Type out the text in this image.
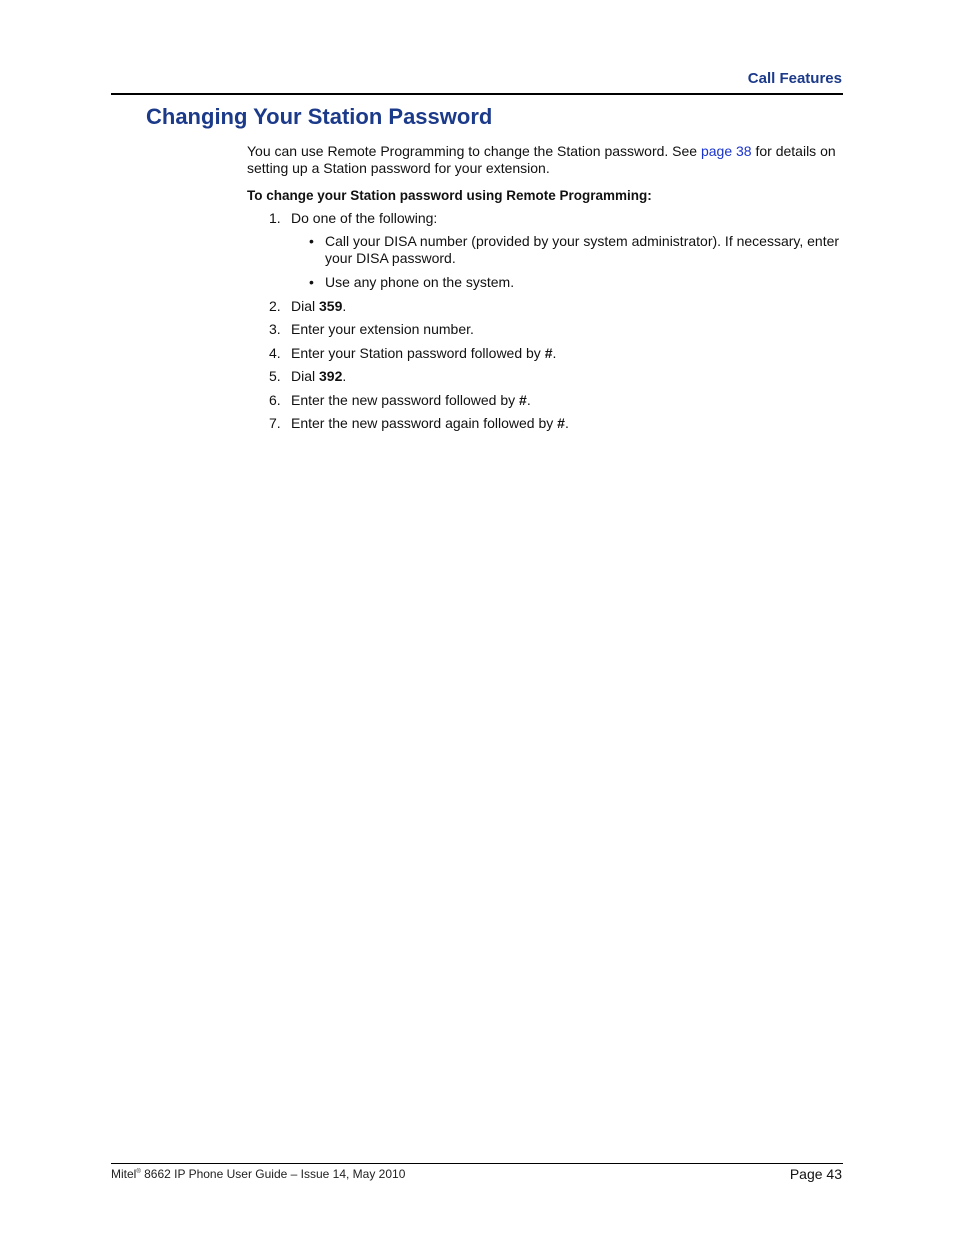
Call Features
Changing Your Station Password

You can use Remote Programming to change the Station password. See page 38 for details on setting up a Station password for your extension.

To change your Station password using Remote Programming:

1. Do one of the following:
• Call your DISA number (provided by your system administrator). If necessary, enter your DISA password.
• Use any phone on the system.
2. Dial 359.
3. Enter your extension number.
4. Enter your Station password followed by #.
5. Dial 392.
6. Enter the new password followed by #.
7. Enter the new password again followed by #.
Mitel® 8662 IP Phone User Guide – Issue 14, May 2010	Page 43
